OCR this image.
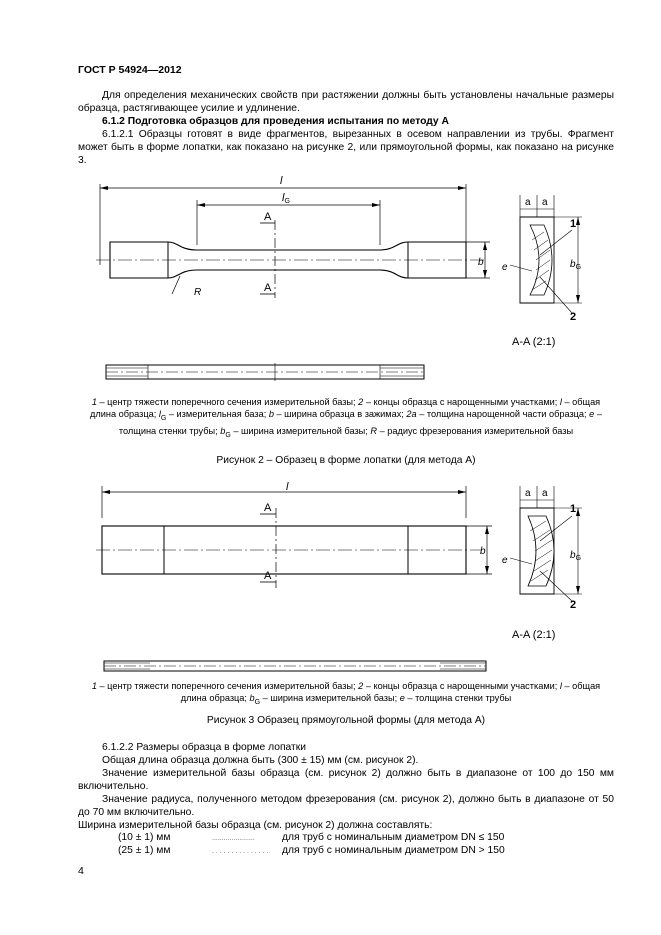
ГОСТ Р 54924—2012
Для определения механических свойств при растяжении должны быть установлены начальные размеры образца, растягивающее усилие и удлинение.
6.1.2 Подготовка образцов для проведения испытания по методу А
6.1.2.1 Образцы готовят в виде фрагментов, вырезанных в осевом направлении из трубы. Фрагмент может быть в форме лопатки, как показано на рисунке 2, или прямоугольной формы, как показано на рисунке 3.
l
lG
A
A
b
R
a a
$b_G$
1
2
e
A-A (2:1)
1 – центр тяжести поперечного сечения измерительной базы; 2 – концы образца с нарощенными участками; l – общая длина образца; $l_G$ – измерительная база; b – ширина образца в зажимах; 2a – толщина нарощенной части образца; e – толщина стенки трубы; $b_G$ – ширина измерительной базы; R – радиус фрезерования измерительной базы
Рисунок 2 – Образец в форме лопатки (для метода А)
l
A
A
b
a a
$b_G$
1
2
e
A-A (2:1)
1 – центр тяжести поперечного сечения измерительной базы; 2 – концы образца с нарощенными участками; l – общая длина образца; $b_G$ – ширина измерительной базы; e – толщина стенки трубы
Рисунок 3 Образец прямоугольной формы (для метода А)
6.1.2.2 Размеры образца в форме лопатки
Общая длина образца должна быть (300 ± 15) мм (см. рисунок 2).
Значение измерительной базы образца (см. рисунок 2) должно быть в диапазоне от 100 до 150 мм включительно.
Значение радиуса, полученного методом фрезерования (см. рисунок 2), должно быть в диапазоне от 50 до 70 мм включительно.
Ширина измерительной базы образца (см. рисунок 2) должна составлять:
(10 ± 1) мм	......................	для труб с номинальным диаметром DN ≤ 150
(25 ± 1) мм	. . . . . . . . . . . . . . . для труб с номинальным диаметром DN > 150
4
